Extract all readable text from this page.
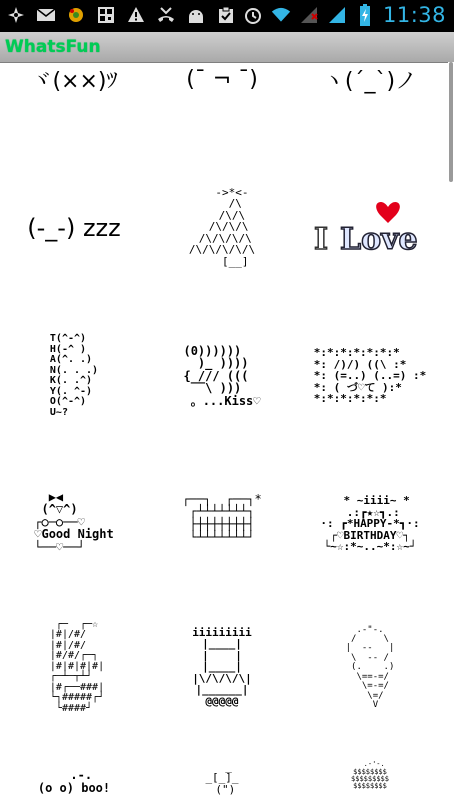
11:38
WhatsFun
ヾ(××)ﾂ	(¯ ¬ ¯)	ヽ(ˊ_ˋ)ノ
(-_-) zzz
->*<-
/\
/\/\
/\/\/\
/\/\/\/\
/\/\/\/\/\
[__]
I Love
T(^-^)
H(-^ )
A(^. .)
N(. . .)
K(. .^)
Y(. ^-)
O(^-^)
U~?
(0))))))
)_ ))))
{ /// (((
‾‾\ )))
。...Kiss♡
*:*:*:*:*:*:*
*: /)/) ((\ :*
*: (=..) (..=) :*
*: ( づ♡て ):*
*:*:*:*:*:*
▶◀
(^▽^)
┌○─○──♡
♡Good Night
└──♡──┘
┌──┐  ┌──┐*
┌┴┴┴┴┴┴┴┐
├┼┼┼┼┼┼┼┤
└┴┴┴┴┴┴┴┘
* ~iiii~ *
.:┏★☆┓.:
·: ┏*HAPPY-*┓·:
┌♡BIRTHDAY♡┐
└~☆:*~..~*:☆~┘
┌─  ┌─☆
|#|/#/
|#|/#/
|#/#/┌─┐
|#|#|#|#|
┌─┴─┬┴┘
|#┌──###|
└┐#####┌┘
└####┘
iiiiiiiii
|____|
|    |
|____|
|\/\/\/\|
|______|
@@@@@
.-"-.
/     \
|  --   |
\  -- /
(.    .)
\==-=/
\=-=/
\=/
V
.-.
(o o) boo!
_
_[_]_
(")
.-'-.
$$$$$$$$
$$$$$$$$$
$$$$$$$$
